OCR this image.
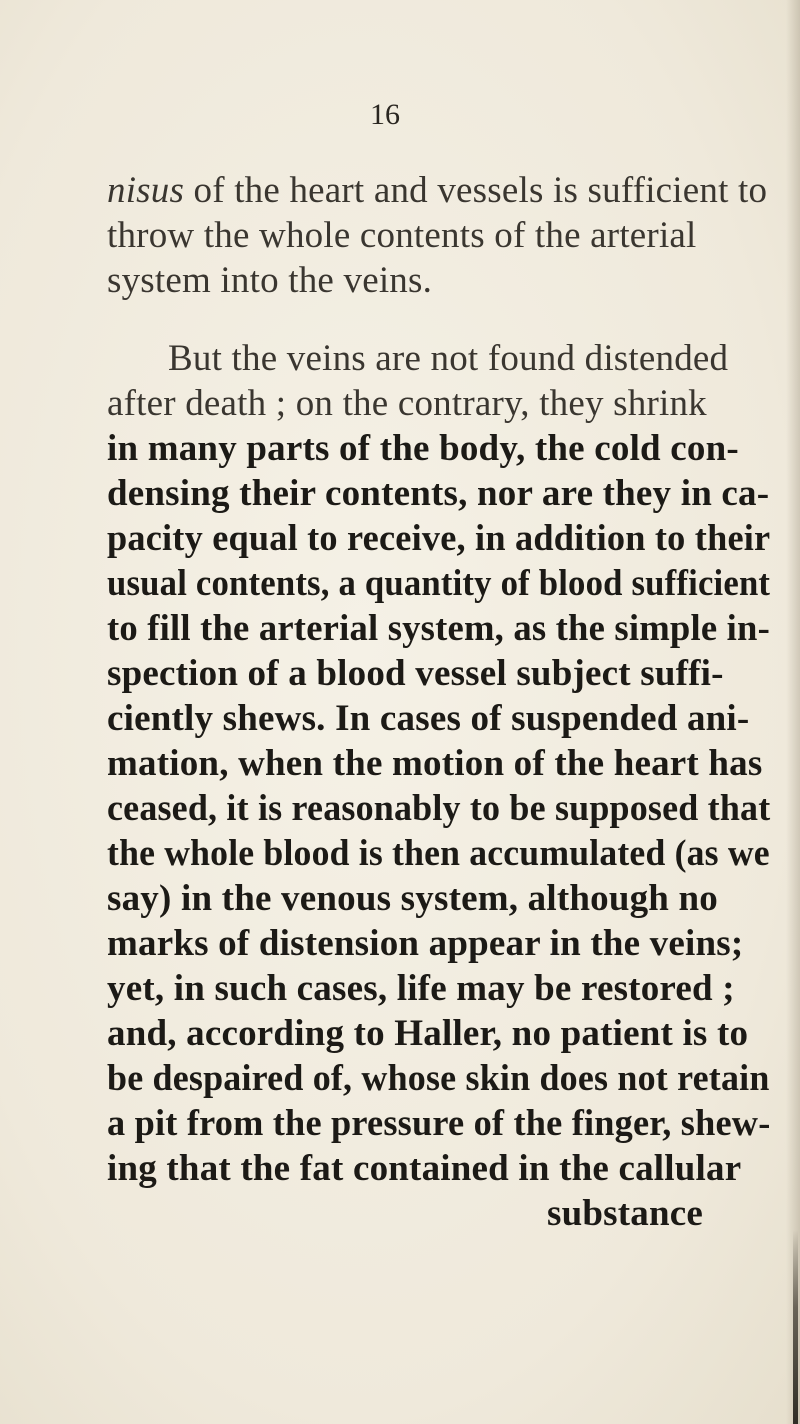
16
nisus of the heart and vessels is sufficient to
throw the whole contents of the arterial
system into the veins.
But the veins are not found distended
after death ; on the contrary, they shrink
in many parts of the body, the cold con-
densing their contents, nor are they in ca-
pacity equal to receive, in addition to their
usual contents, a quantity of blood sufficient
to fill the arterial system, as the simple in-
spection of a blood vessel subject suffi-
ciently shews. In cases of suspended ani-
mation, when the motion of the heart has
ceased, it is reasonably to be supposed that
the whole blood is then accumulated (as we
say) in the venous system, although no
marks of distension appear in the veins;
yet, in such cases, life may be restored ;
and, according to Haller, no patient is to
be despaired of, whose skin does not retain
a pit from the pressure of the finger, shew-
ing that the fat contained in the callular
substance
